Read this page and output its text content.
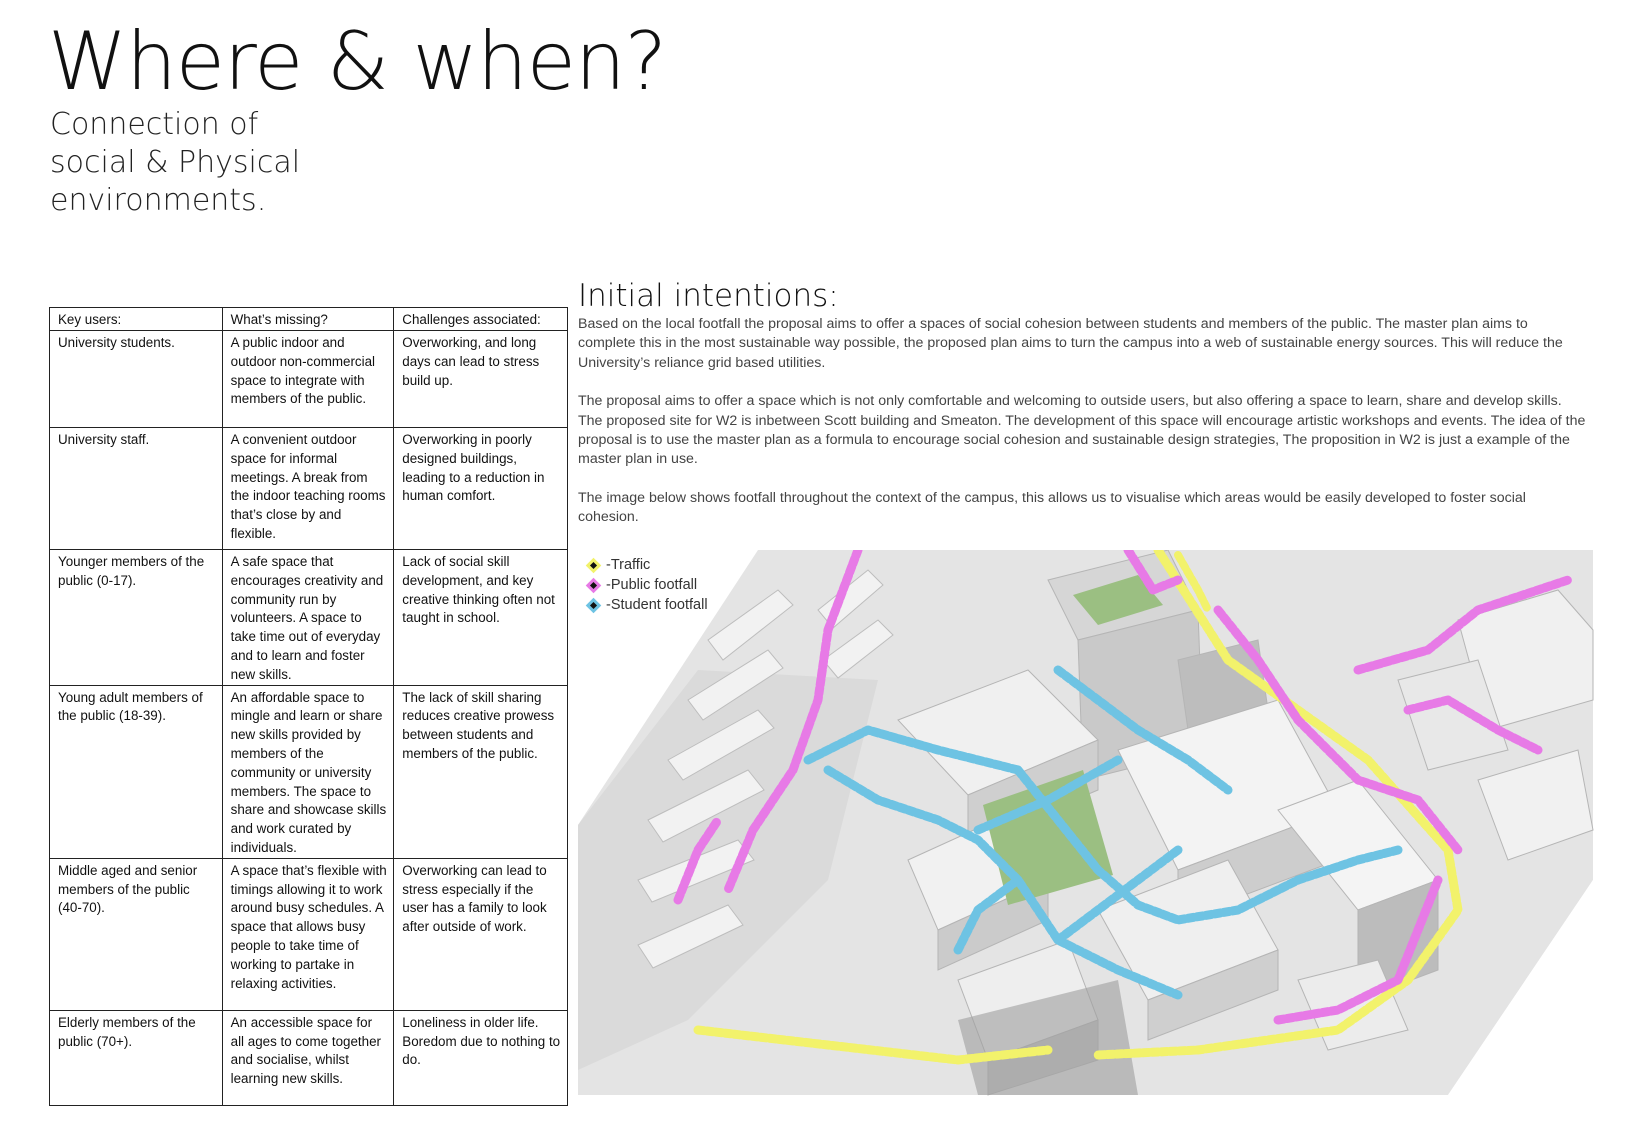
Where & when?
Connection of
social & Physical
environments.
Key users:	What’s missing?	Challenges associated:
University students.	A public indoor and outdoor non-commercial space to integrate with members of the public.	Overworking, and long days can lead to stress build up.
University staff.	A convenient outdoor space for informal meetings. A break from the indoor teaching rooms that’s close by and flexible.	Overworking in poorly designed buildings, leading to a reduction in human comfort.
Younger members of the public (0-17).	A safe space that encourages creativity and community run by volunteers. A space to take time out of everyday and to learn and foster new skills.	Lack of social skill development, and key creative thinking often not taught in school.
Young adult members of the public (18-39).	An affordable space to mingle and learn or share new skills provided by members of the community or university members. The space to share and showcase skills and work curated by individuals.	The lack of skill sharing reduces creative prowess between students and members of the public.
Middle aged and senior members of the public (40-70).	A space that’s flexible with timings allowing it to work around busy schedules. A space that allows busy people to take time of working to partake in relaxing activities.	Overworking can lead to stress especially if the user has a family to look after outside of work.
Elderly members of the public (70+).	An accessible space for all ages to come together and socialise, whilst learning new skills.	Loneliness in older life. Boredom due to nothing to do.
Initial intentions:

Based on the local footfall the proposal aims to offer a spaces of social cohesion between students and members of the public. The master plan aims to complete this in the most sustainable way possible, the proposed plan aims to turn the campus into a web of sustainable energy sources. This will reduce the University’s reliance grid based utilities.

The proposal aims to offer a space which is not only comfortable and welcoming to outside users, but also offering a space to learn, share and develop skills. The proposed site for W2 is inbetween Scott building and Smeaton. The development of this space will encourage artistic workshops and events. The idea of the proposal is to use the master plan as a formula to encourage social cohesion and sustainable design strategies, The proposition in W2 is just a example of the master plan in use.

The image below shows footfall throughout the context of the campus, this allows us to visualise which areas would be easily developed to foster social cohesion.

-Traffic
-Public footfall
-Student footfall
